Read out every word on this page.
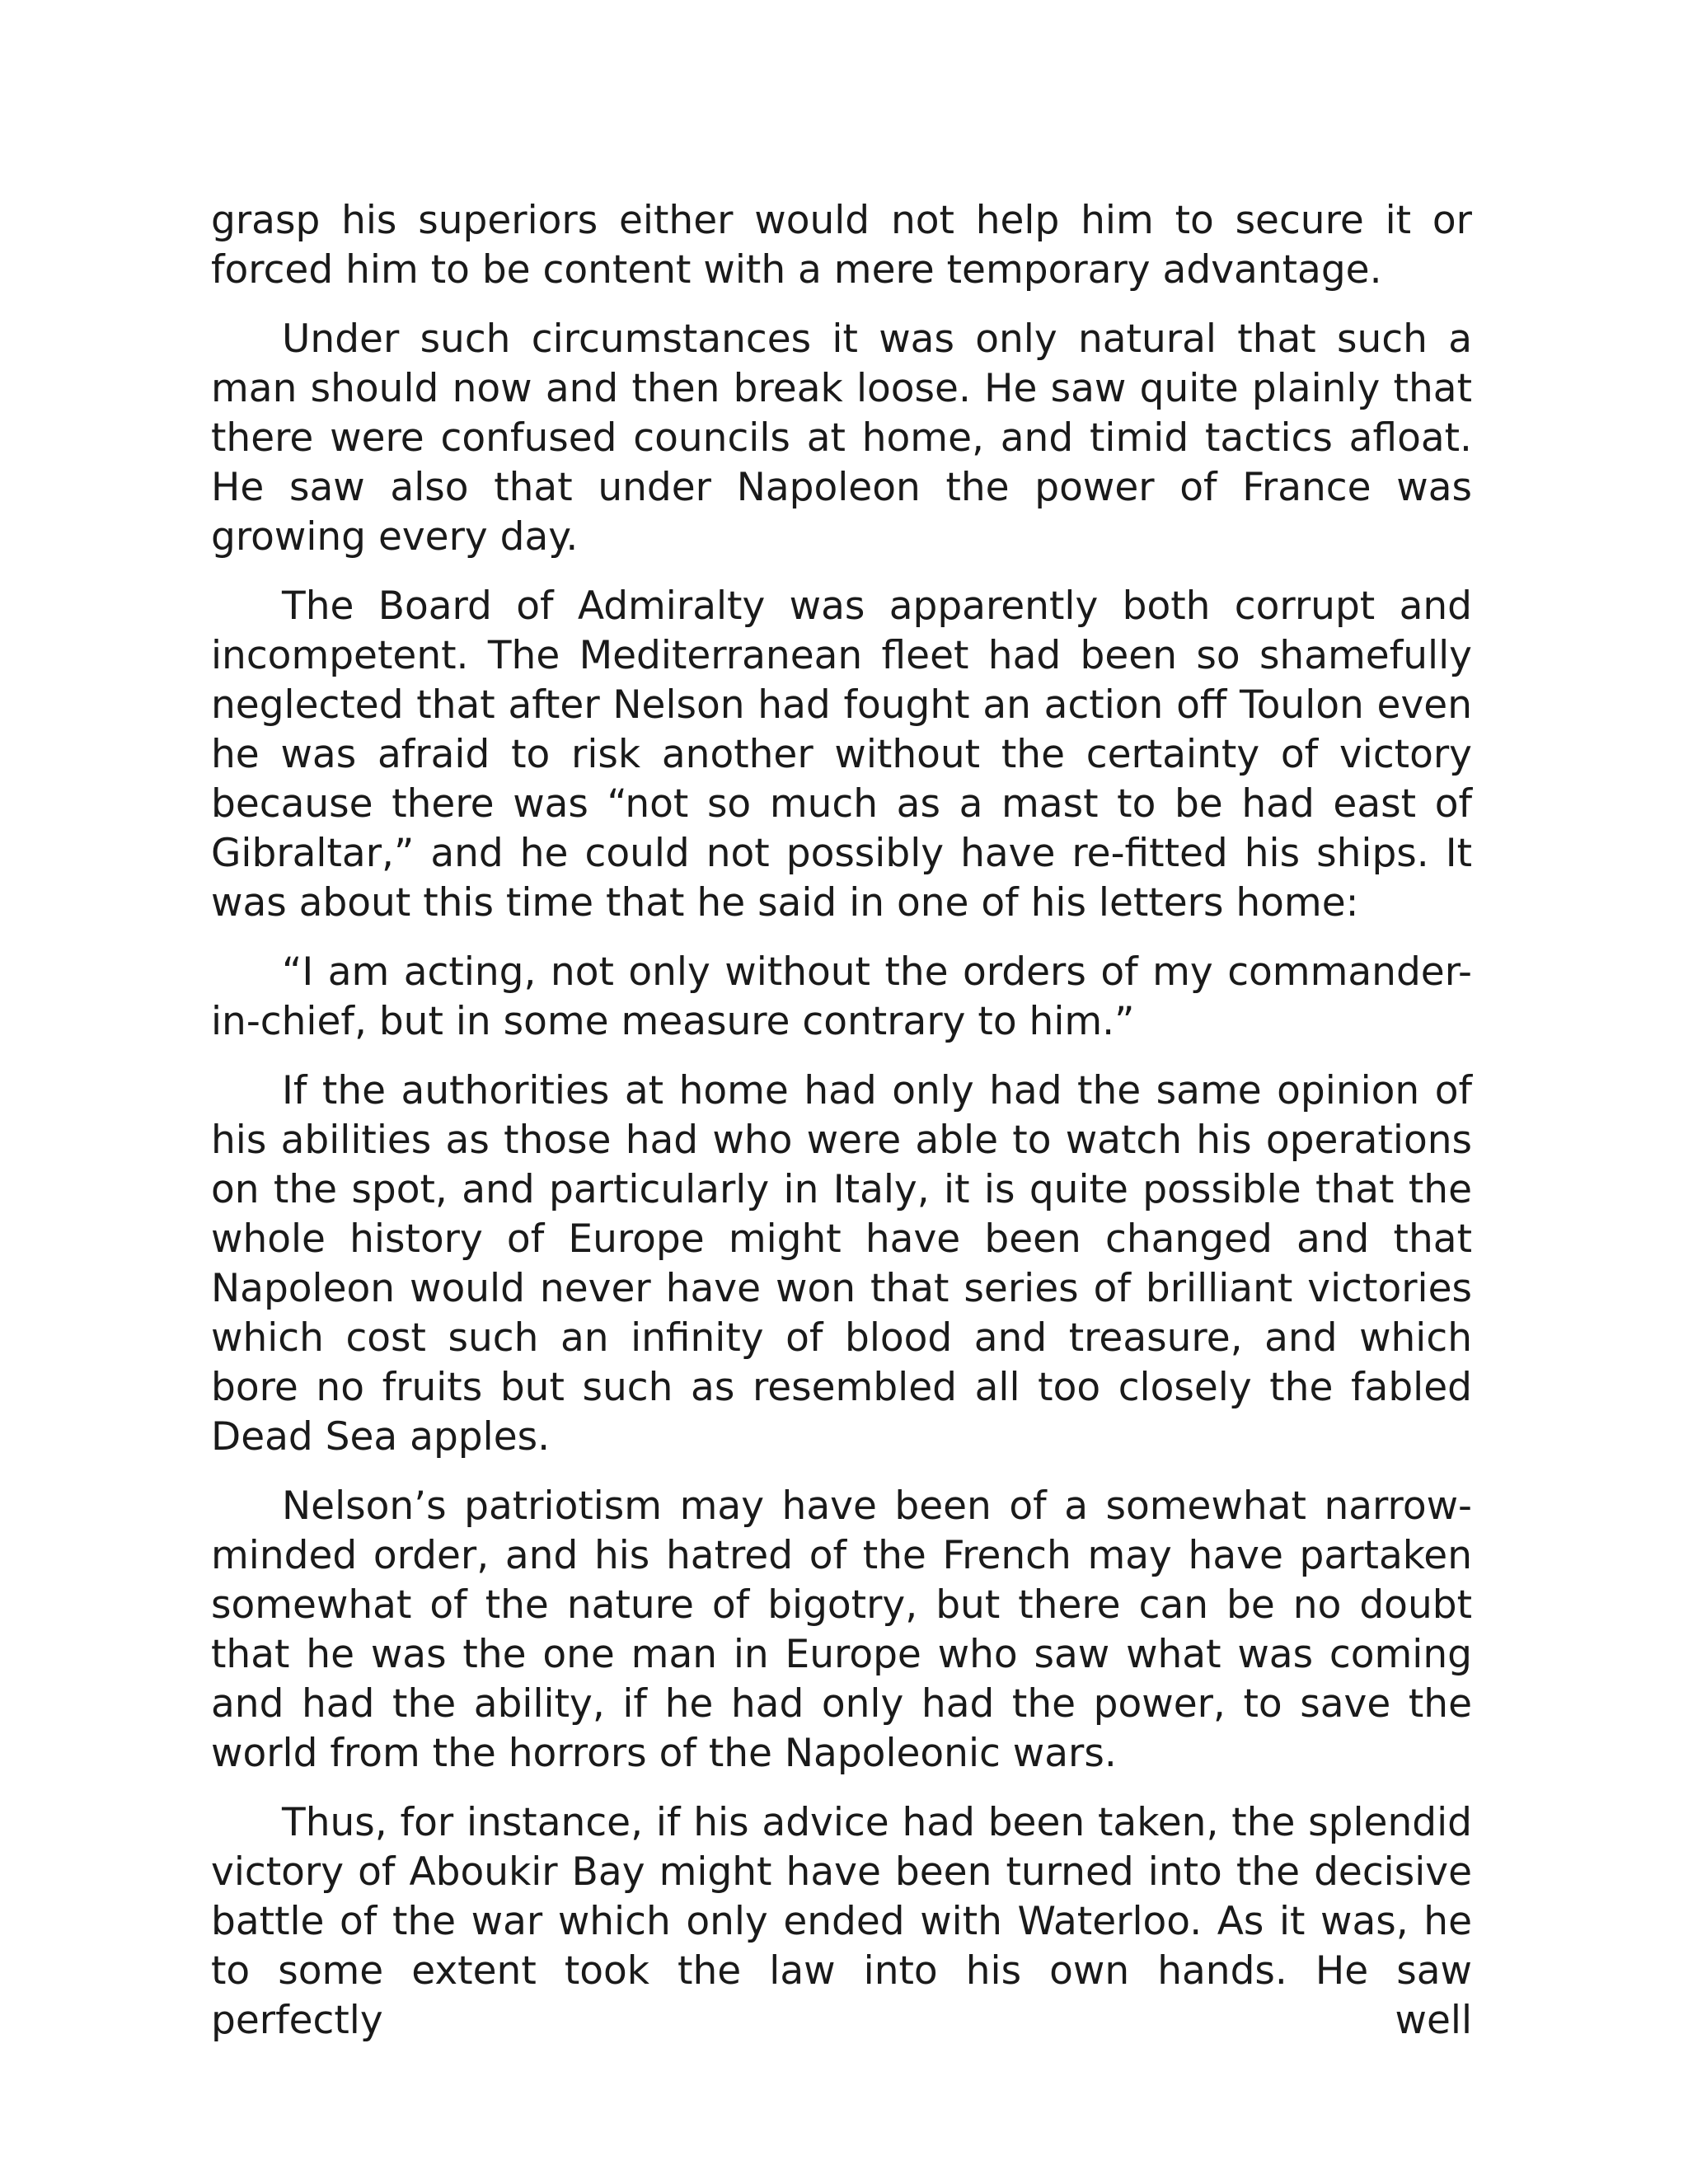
grasp his superiors either would not help him to secure it or forced him to be content with a mere temporary advantage.

Under such circumstances it was only natural that such a man should now and then break loose. He saw quite plainly that there were confused councils at home, and timid tactics afloat. He saw also that under Napoleon the power of France was growing every day.

The Board of Admiralty was apparently both corrupt and incompetent. The Mediterranean fleet had been so shamefully neglected that after Nelson had fought an action off Toulon even he was afraid to risk another without the certainty of victory because there was “not so much as a mast to be had east of Gibraltar,” and he could not possibly have re-fitted his ships. It was about this time that he said in one of his letters home:

“I am acting, not only without the orders of my commander-in-chief, but in some measure contrary to him.”

If the authorities at home had only had the same opinion of his abilities as those had who were able to watch his operations on the spot, and particularly in Italy, it is quite possible that the whole history of Europe might have been changed and that Napoleon would never have won that series of brilliant victories which cost such an infinity of blood and treasure, and which bore no fruits but such as resembled all too closely the fabled Dead Sea apples.

Nelson’s patriotism may have been of a somewhat narrow-minded order, and his hatred of the French may have partaken somewhat of the nature of bigotry, but there can be no doubt that he was the one man in Europe who saw what was coming and had the ability, if he had only had the power, to save the world from the horrors of the Napoleonic wars.

Thus, for instance, if his advice had been taken, the splendid victory of Aboukir Bay might have been turned into the decisive battle of the war which only ended with Waterloo. As it was, he to some extent took the law into his own hands. He saw perfectly well
